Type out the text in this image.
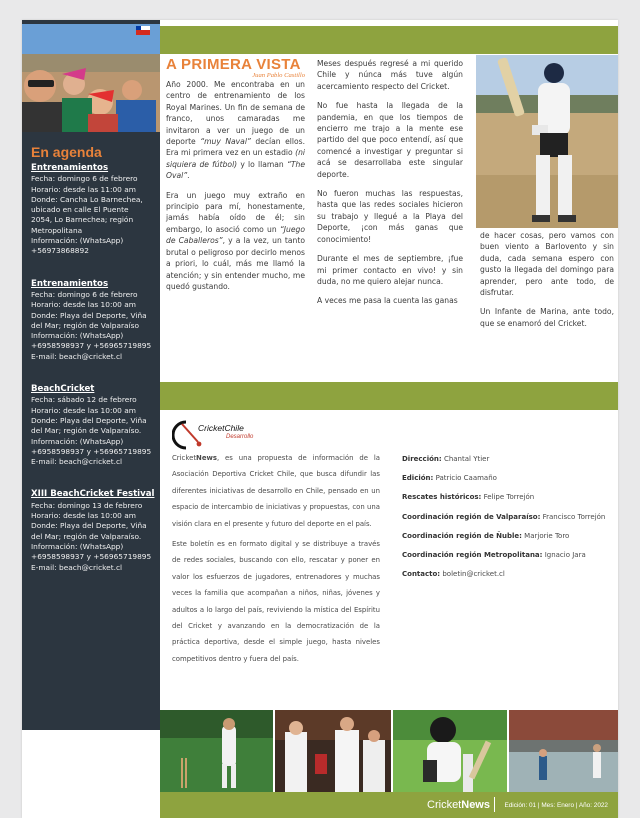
En agenda
Entrenamientos
Fecha: domingo 6 de febrero
Horario: desde las 11:00 am
Donde: Cancha Lo Barnechea,
ubicado en calle El Puente
2054, Lo Barnechea; región
Metropolitana
Información: (WhatsApp)
+56973868892
Entrenamientos
Fecha: domingo 6 de febrero
Horario: desde las 10:00 am
Donde: Playa del Deporte, Viña
del Mar; región de Valparaíso
Información: (WhatsApp)
+6958598937 y +56965719895
E-mail: beach@cricket.cl
BeachCricket
Fecha: sábado 12 de febrero
Horario: desde las 10:00 am
Donde: Playa del Deporte, Viña
del Mar; región de Valparaíso.
Información: (WhatsApp)
+6958598937 y +56965719895
E-mail: beach@cricket.cl
XIII BeachCricket Festival
Fecha: domingo 13 de febrero
Horario: desde las 10:00 am
Donde: Playa del Deporte, Viña
del Mar; región de Valparaíso.
Información: (WhatsApp)
+6958598937 y +56965719895
E-mail: beach@cricket.cl
A PRIMERA VISTA
Juan Pablo Castillo

Año 2000. Me encontraba en un centro de entrenamiento de los Royal Marines. Un fin de semana de franco, unos camaradas me invitaron a ver un juego de un deporte “muy Naval” decían ellos. Era mi primera vez en un estadio (ni siquiera de fútbol) y lo llaman “The Oval”.

Era un juego muy extraño en principio para mí, honestamente, jamás había oído de él; sin embargo, lo asoció como un “Juego de Caballeros”, y a la vez, un tanto brutal o peligroso por decirlo menos a priori, lo cuál, más me llamó la atención; y sin entender mucho, me quedó gustando.

Meses después regresé a mi querido Chile y núnca más tuve algún acercamiento respecto del Cricket.

No fue hasta la llegada de la pandemia, en que los tiempos de encierro me trajo a la mente ese partido del que poco entendí, así que comencé a investigar y preguntar si acá se desarrollaba este singular deporte.

No fueron muchas las respuestas, hasta que las redes sociales hicieron su trabajo y llegué a la Playa del Deporte, ¡con más ganas que conocimiento!

Durante el mes de septiembre, ¡fue mi primer contacto en vivo! y sin duda, no me quiero alejar nunca.

A veces me pasa la cuenta las ganas

de hacer cosas, pero vamos con buen viento a Barlovento y sin duda, cada semana espero con gusto la llegada del domingo para aprender, pero ante todo, de disfrutar.

Un Infante de Marina, ante todo, que se enamoró del Cricket.

CricketChile
Desarrollo

CricketNews, es una propuesta de información de la Asociación Deportiva Cricket Chile, que busca difundir las diferentes iniciativas de desarrollo en Chile, pensado en un espacio de intercambio de iniciativas y propuestas, con una visión clara en el presente y futuro del deporte en el país.

Este boletín es en formato digital y se distribuye a través de redes sociales, buscando con ello, rescatar y poner en valor los esfuerzos de jugadores, entrenadores y muchas veces la familia que acompañan a niños, niñas, jóvenes y adultos a lo largo del país, reviviendo la mística del Espíritu del Cricket y avanzando en la democratización de la práctica deportiva, desde el simple juego, hasta niveles competitivos dentro y fuera del país.

Dirección: Chantal Ytier
Edición: Patricio Caamaño
Rescates históricos: Felipe Torrejón
Coordinación región de Valparaíso: Francisco Torrejón
Coordinación región de Ñuble: Marjorie Toro
Coordinación región Metropolitana: Ignacio Jara
Contacto: boletin@cricket.cl
CricketNews Edición: 01 | Mes: Enero | Año: 2022
